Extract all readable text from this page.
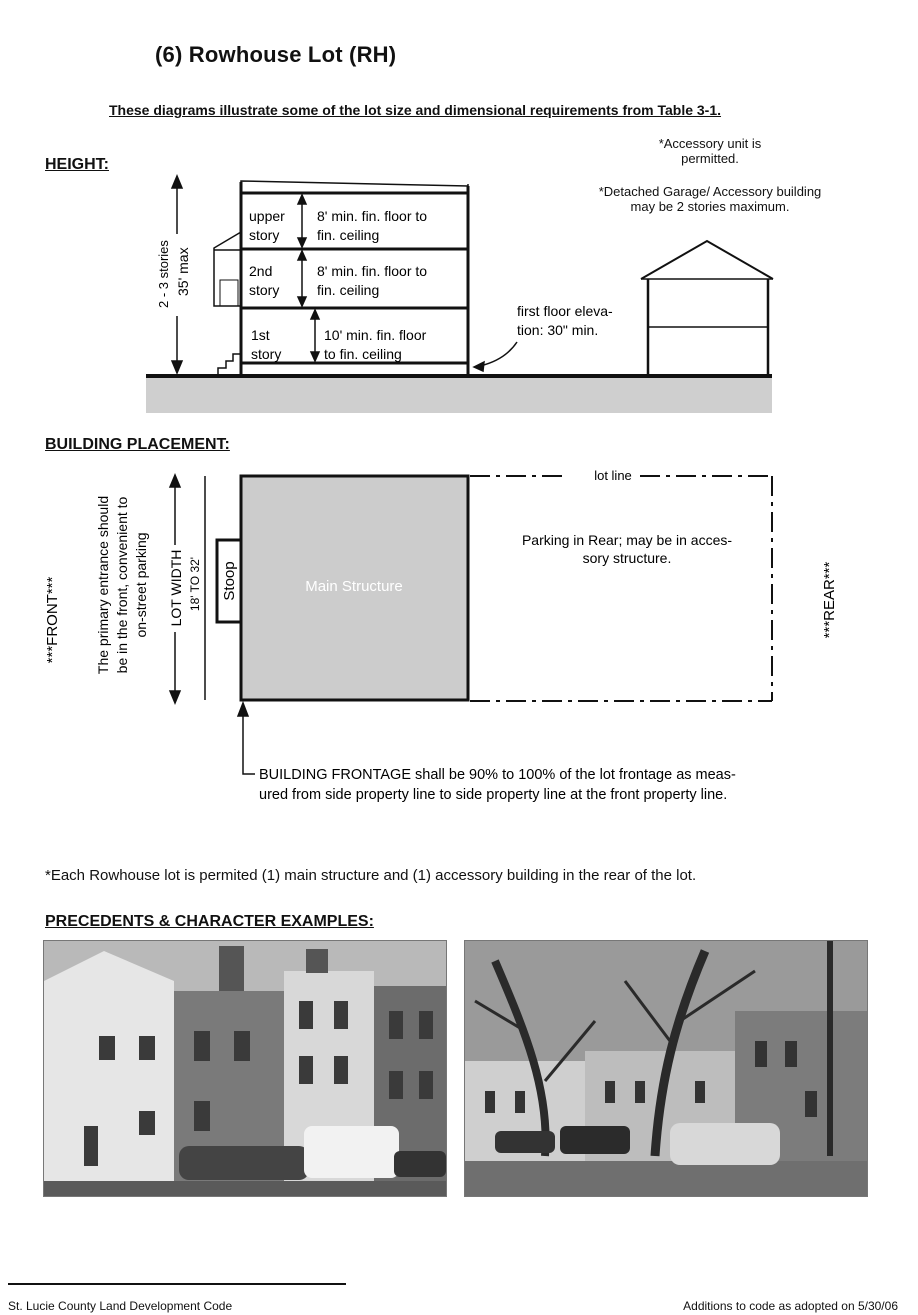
(6) Rowhouse Lot (RH)
These diagrams illustrate some of the lot size and dimensional requirements from Table 3-1.
HEIGHT:
*Accessory unit is
permitted.
*Detached Garage/ Accessory building
may be 2 stories maximum.
2 - 3 stories 35' max
upper
story
8' min. fin. floor to
fin. ceiling
2nd
story
8' min. fin. floor to
fin. ceiling
1st
story
10' min. fin. floor
to fin. ceiling
first floor eleva-
tion: 30" min.
BUILDING PLACEMENT:
***FRONT***	***REAR***
The primary entrance should be in the front, convenient to on-street parking LOT WIDTH 18' TO 32' Stoop	Main Structure
lot line
Parking in Rear; may be in acces-
sory structure.
BUILDING FRONTAGE shall be 90% to 100% of the lot frontage as meas-
ured from side property line to side property line at the front property line.
*Each Rowhouse lot is permited (1) main structure and (1) accessory building in the rear of the lot.
PRECEDENTS & CHARACTER EXAMPLES:
St. Lucie County Land Development Code	Additions to code as adopted on 5/30/06
